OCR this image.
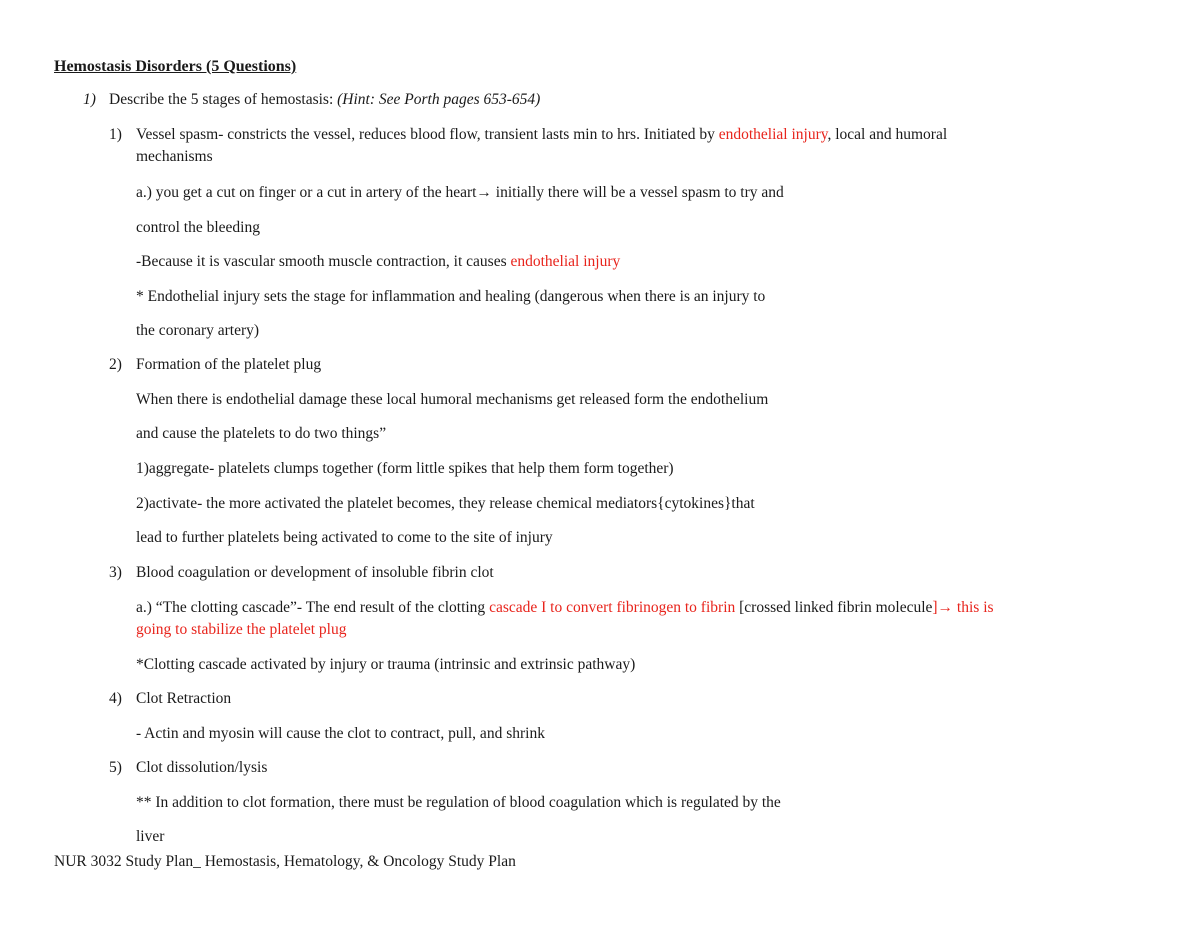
Hemostasis Disorders (5 Questions)
1) Describe the 5 stages of hemostasis: (Hint: See Porth pages 653-654)
1) Vessel spasm- constricts the vessel, reduces blood flow, transient lasts min to hrs. Initiated by endothelial injury, local and humoral
mechanisms
a.) you get a cut on finger or a cut in artery of the heart→ initially there will be a vessel spasm to try and
control the bleeding
-Because it is vascular smooth muscle contraction, it causes endothelial injury
* Endothelial injury sets the stage for inflammation and healing (dangerous when there is an injury to
the coronary artery)
2) Formation of the platelet plug
When there is endothelial damage these local humoral mechanisms get released form the endothelium
and cause the platelets to do two things”
1)aggregate- platelets clumps together (form little spikes that help them form together)
2)activate- the more activated the platelet becomes, they release chemical mediators{cytokines}that
lead to further platelets being activated to come to the site of injury
3) Blood coagulation or development of insoluble fibrin clot
a.) “The clotting cascade”- The end result of the clotting cascade I to convert fibrinogen to fibrin [crossed linked fibrin molecule]→ this is
going to stabilize the platelet plug
*Clotting cascade activated by injury or trauma (intrinsic and extrinsic pathway)
4) Clot Retraction
- Actin and myosin will cause the clot to contract, pull, and shrink
5) Clot dissolution/lysis
** In addition to clot formation, there must be regulation of blood coagulation which is regulated by the
liver
NUR 3032 Study Plan_ Hemostasis, Hematology, & Oncology Study Plan
